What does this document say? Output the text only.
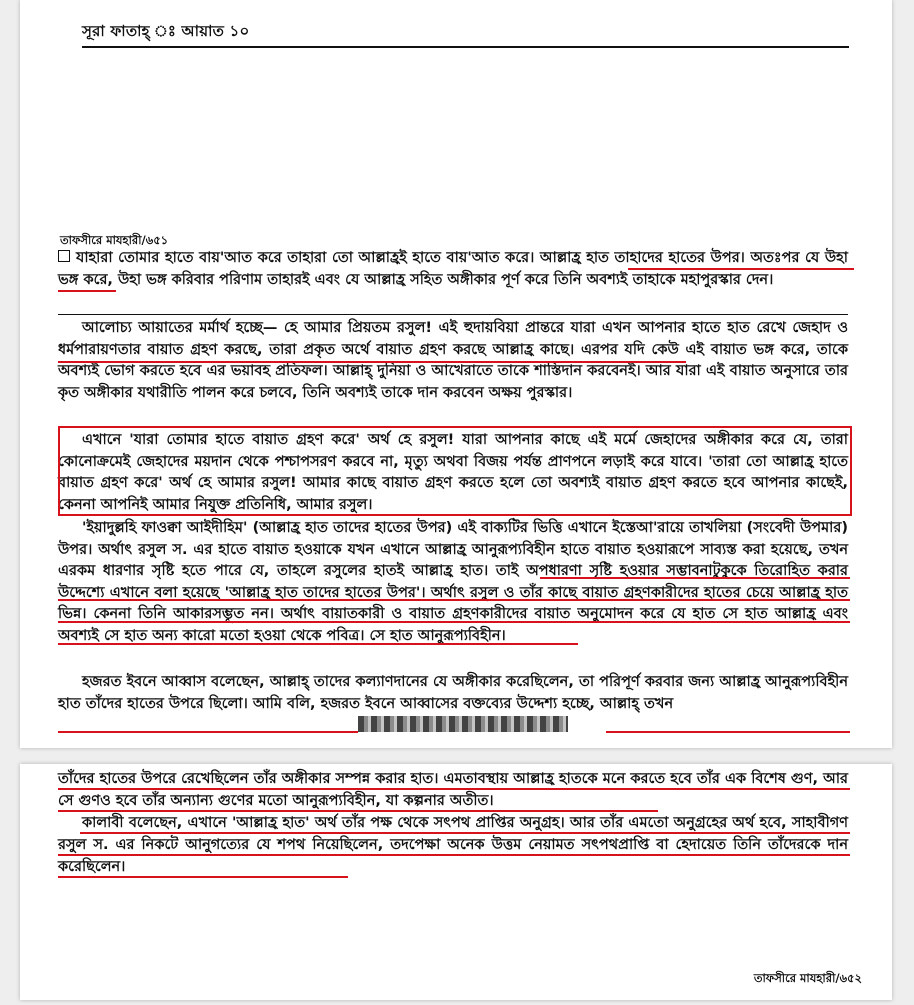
সূরা ফাতাহ্ ঃ আয়াত ১০
তাফসীরে মাযহারী/৬৫১
যাহারা তোমার হাতে বায়'আত করে তাহারা তো আল্লাহ্রই হাতে বায়'আত করে। আল্লাহ্র হাত তাহাদের হাতের উপর। অতঃপর যে উহা ভঙ্গ করে, উহা ভঙ্গ করিবার পরিণাম তাহারই এবং যে আল্লাহ্র সহিত অঙ্গীকার পূর্ণ করে তিনি অবশ্যই তাহাকে মহাপুরস্কার দেন।
আলোচ্য আয়াতের মর্মার্থ হচ্ছে— হে আমার প্রিয়তম রসুল! এই হুদায়বিয়া প্রান্তরে যারা এখন আপনার হাতে হাত রেখে জেহাদ ও ধর্মপারায়ণতার বায়াত গ্রহণ করছে, তারা প্রকৃত অর্থে বায়াত গ্রহণ করছে আল্লাহ্র কাছে। এরপর যদি কেউ এই বায়াত ভঙ্গ করে, তাকে অবশ্যই ভোগ করতে হবে এর ভয়াবহ প্রতিফল। আল্লাহ্ দুনিয়া ও আখেরাতে তাকে শাস্তিদান করবেনই। আর যারা এই বায়াত অনুসারে তার কৃত অঙ্গীকার যথারীতি পালন করে চলবে, তিনি অবশ্যই তাকে দান করবেন অক্ষয় পুরস্কার।
এখানে 'যারা তোমার হাতে বায়াত গ্রহণ করে' অর্থ হে রসুল! যারা আপনার কাছে এই মর্মে জেহাদের অঙ্গীকার করে যে, তারা কোনোক্রমেই জেহাদের ময়দান থেকে পশ্চাপসরণ করবে না, মৃত্যু অথবা বিজয় পর্যন্ত প্রাণপনে লড়াই করে যাবে। 'তারা তো আল্লাহ্র হাতে বায়াত গ্রহণ করে' অর্থ হে আমার রসুল! আমার কাছে বায়াত গ্রহণ করতে হলে তো অবশ্যই বায়াত গ্রহণ করতে হবে আপনার কাছেই, কেননা আপনিই আমার নিযুক্ত প্রতিনিধি, আমার রসুল।
'ইয়াদুল্লহি ফাওক্বা আইদীহিম' (আল্লাহ্র হাত তাদের হাতের উপর) এই বাক্যটির ভিত্তি এখানে ইস্তেআ'রায়ে তাখলিয়া (সংবেদী উপমার) উপর। অর্থাৎ রসুল স. এর হাতে বায়াত হওয়াকে যখন এখানে আল্লাহ্র আনুরূপ্যবিহীন হাতে বায়াত হওয়ারূপে সাব্যস্ত করা হয়েছে, তখন এরকম ধারণার সৃষ্টি হতে পারে যে, তাহলে রসুলের হাতই আল্লাহ্র হাত। তাই অপধারণা সৃষ্টি হওয়ার সম্ভাবনাটুকুকে তিরোহিত করার উদ্দেশ্যে এখানে বলা হয়েছে 'আল্লাহ্র হাত তাদের হাতের উপর'। অর্থাৎ রসুল ও তাঁর কাছে বায়াত গ্রহণকারীদের হাতের চেয়ে আল্লাহ্র হাত ভিন্ন। কেননা তিনি আকারসম্ভূত নন। অর্থাৎ বায়াতকারী ও বায়াত গ্রহণকারীদের বায়াত অনুমোদন করে যে হাত সে হাত আল্লাহ্র এবং অবশ্যই সে হাত অন্য কারো মতো হওয়া থেকে পবিত্র। সে হাত আনুরূপ্যবিহীন।
হজরত ইবনে আব্বাস বলেছেন, আল্লাহ্ তাদের কল্যাণদানের যে অঙ্গীকার করেছিলেন, তা পরিপূর্ণ করবার জন্য আল্লাহ্র আনুরূপ্যবিহীন হাত তাঁদের হাতের উপরে ছিলো। আমি বলি, হজরত ইবনে আব্বাসের বক্তব্যের উদ্দেশ্য হচ্ছে, আল্লাহ্ তখন
তাঁদের হাতের উপরে রেখেছিলেন তাঁর অঙ্গীকার সম্পন্ন করার হাত। এমতাবস্থায় আল্লাহ্র হাতকে মনে করতে হবে তাঁর এক বিশেষ গুণ, আর সে গুণও হবে তাঁর অন্যান্য গুণের মতো আনুরূপ্যবিহীন, যা কল্পনার অতীত।
কালাবী বলেছেন, এখানে 'আল্লাহ্র হাত' অর্থ তাঁর পক্ষ থেকে সৎপথ প্রাপ্তির অনুগ্রহ। আর তাঁর এমতো অনুগ্রহের অর্থ হবে, সাহাবীগণ রসুল স. এর নিকটে আনুগত্যের যে শপথ নিয়েছিলেন, তদপেক্ষা অনেক উত্তম নেয়ামত সৎপথপ্রাপ্তি বা হেদায়েত তিনি তাঁদেরকে দান করেছিলেন।
তাফসীরে মাযহারী/৬৫২
